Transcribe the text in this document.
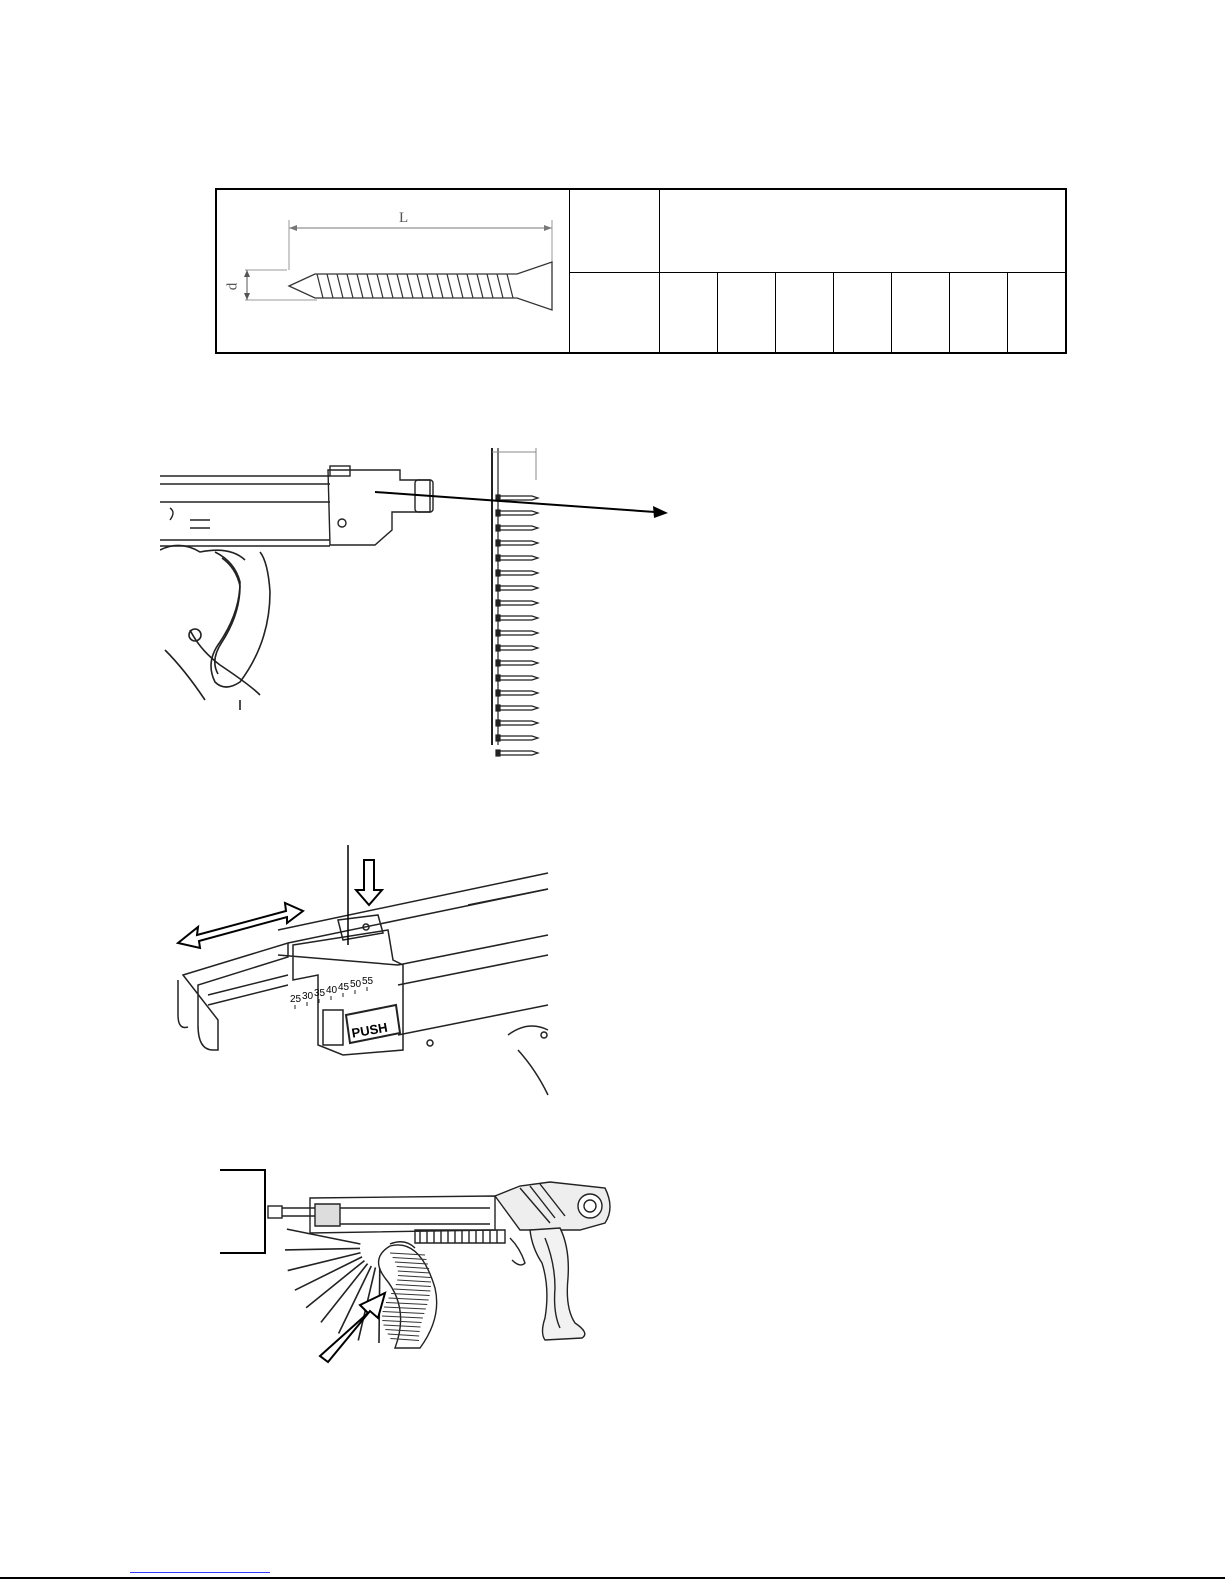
L
d
25 30 35 40 45 50 55
PUSH
